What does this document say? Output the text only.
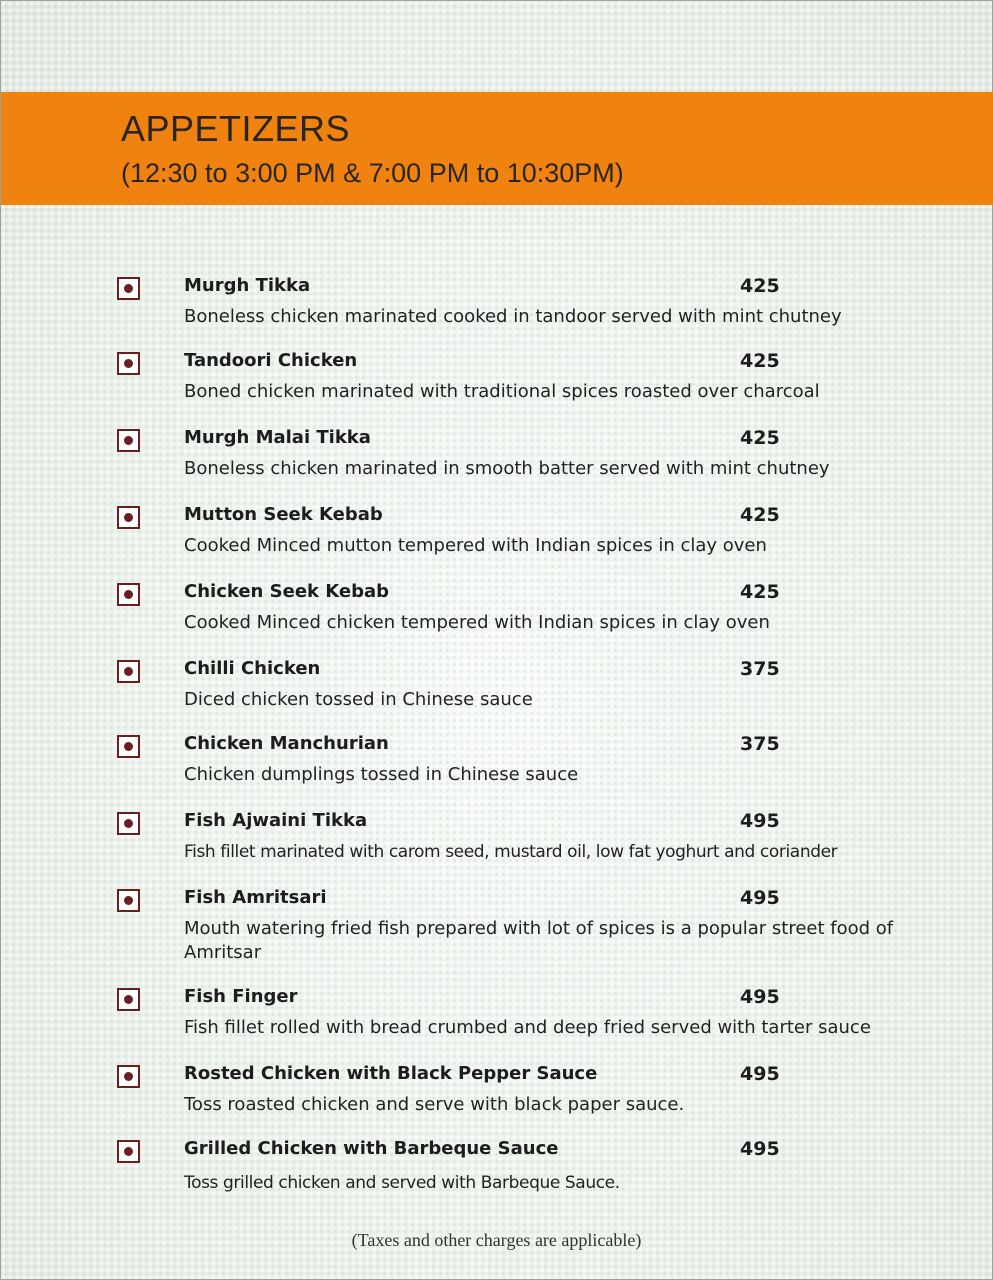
APPETIZERS
(12:30 to 3:00 PM & 7:00 PM to 10:30PM)
Murgh Tikka	425
Boneless chicken marinated cooked in tandoor served with mint chutney
Tandoori Chicken	425
Boned chicken marinated with traditional spices roasted over charcoal
Murgh Malai Tikka	425
Boneless chicken marinated in smooth batter served with mint chutney
Mutton Seek Kebab	425
Cooked Minced mutton tempered with Indian spices in clay oven
Chicken Seek Kebab	425
Cooked Minced chicken tempered with Indian spices in clay oven
Chilli Chicken	375
Diced chicken tossed in Chinese sauce
Chicken Manchurian	375
Chicken dumplings tossed in Chinese sauce
Fish Ajwaini Tikka	495
Fish fillet marinated with carom seed, mustard oil, low fat yoghurt and coriander
Fish Amritsari	495
Mouth watering fried fish prepared with lot of spices is a popular street food of Amritsar
Fish Finger	495
Fish fillet rolled with bread crumbed and deep fried served with tarter sauce
Rosted Chicken with Black Pepper Sauce	495
Toss roasted chicken and serve with black paper sauce.
Grilled Chicken with Barbeque Sauce	495
Toss grilled chicken and served with Barbeque Sauce.
(Taxes and other charges are applicable)
